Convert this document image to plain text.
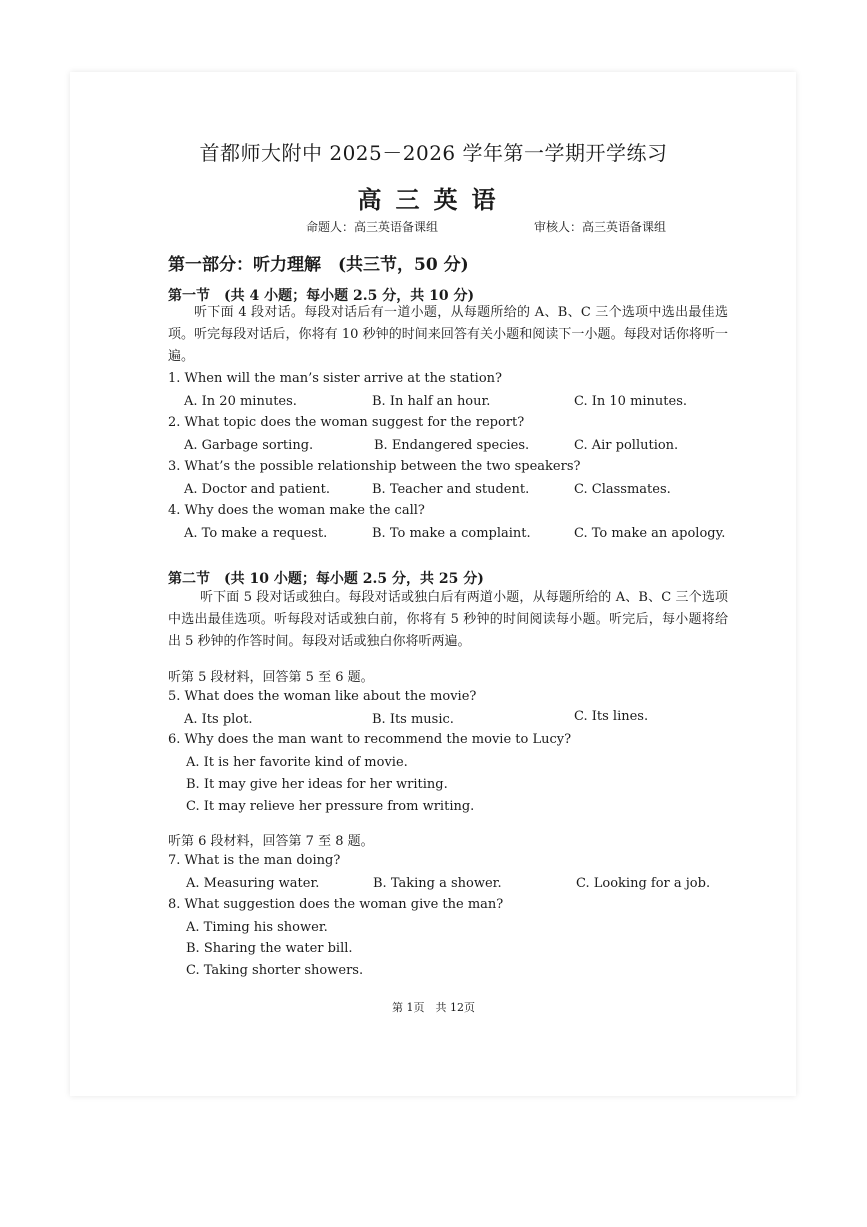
首都师大附中 2025－2026 学年第一学期开学练习
高三英语
命题人：高三英语备课组	审核人：高三英语备课组
第一部分：听力理解　(共三节，50 分)
第一节　(共 4 小题；每小题 2.5 分，共 10 分)
听下面 4 段对话。每段对话后有一道小题，从每题所给的 A、B、C 三个选项中选出最佳选项。听完每段对话后，你将有 10 秒钟的时间来回答有关小题和阅读下一小题。每段对话你将听一遍。
1. When will the man’s sister arrive at the station?
A. In 20 minutes.	B. In half an hour.	C. In 10 minutes.
2. What topic does the woman suggest for the report?
A. Garbage sorting.	B. Endangered species.	C. Air pollution.
3. What’s the possible relationship between the two speakers?
A. Doctor and patient.	B. Teacher and student.	C. Classmates.
4. Why does the woman make the call?
A. To make a request.	B. To make a complaint.	C. To make an apology.
第二节　(共 10 小题；每小题 2.5 分，共 25 分)
听下面 5 段对话或独白。每段对话或独白后有两道小题，从每题所给的 A、B、C 三个选项中选出最佳选项。听每段对话或独白前，你将有 5 秒钟的时间阅读每小题。听完后，每小题将给出 5 秒钟的作答时间。每段对话或独白你将听两遍。
听第 5 段材料，回答第 5 至 6 题。
5. What does the woman like about the movie?
A. Its plot.	B. Its music.	C. Its lines.
6. Why does the man want to recommend the movie to Lucy?
A. It is her favorite kind of movie.
B. It may give her ideas for her writing.
C. It may relieve her pressure from writing.
听第 6 段材料，回答第 7 至 8 题。
7. What is the man doing?
A. Measuring water.	B. Taking a shower.	C. Looking for a job.
8. What suggestion does the woman give the man?
A. Timing his shower.
B. Sharing the water bill.
C. Taking shorter showers.
第 1页　共 12页
